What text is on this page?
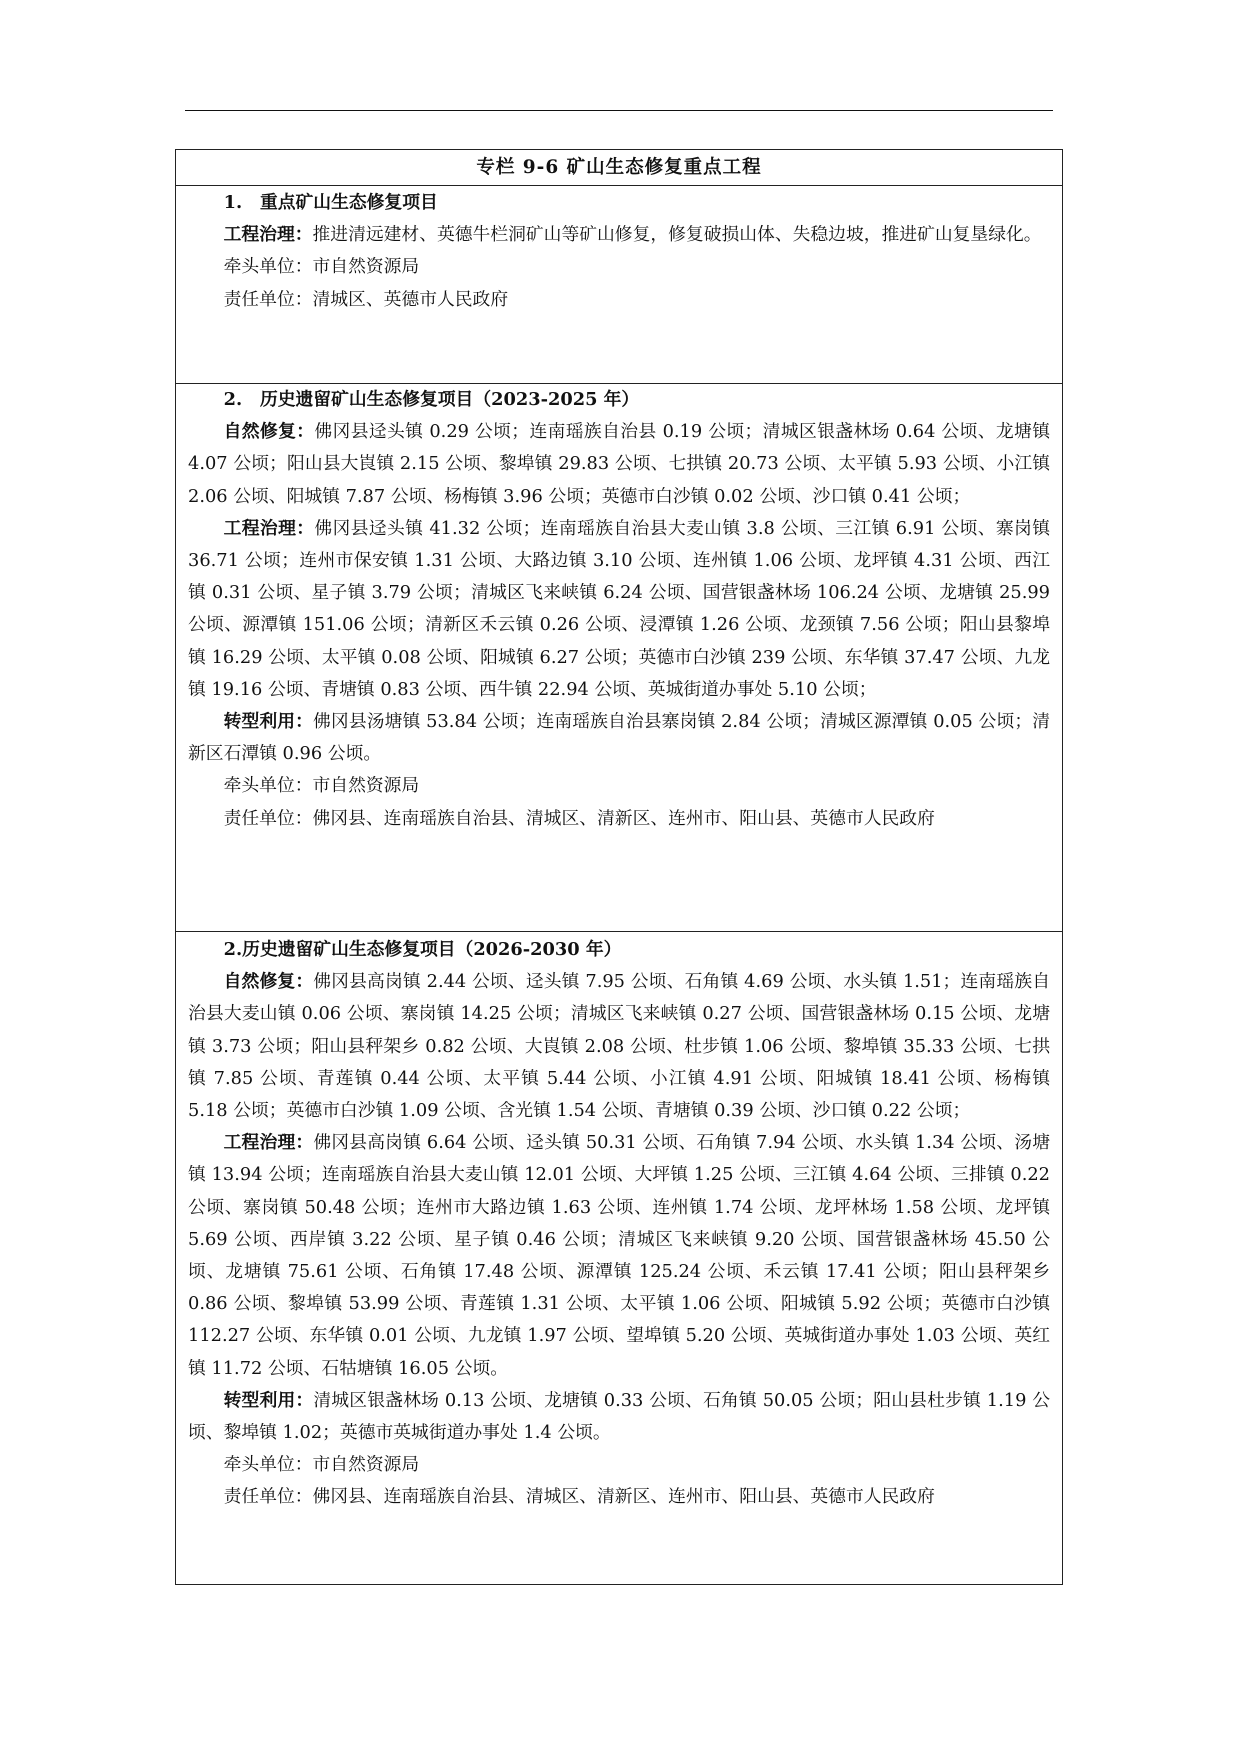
专栏 9-6 矿山生态修复重点工程

1.　重点矿山生态修复项目

工程治理：推进清远建材、英德牛栏洞矿山等矿山修复，修复破损山体、失稳边坡，推进矿山复垦绿化。

牵头单位：市自然资源局

责任单位：清城区、英德市人民政府

2.　历史遗留矿山生态修复项目（2023-2025 年）

自然修复：佛冈县迳头镇 0.29 公顷；连南瑶族自治县 0.19 公顷；清城区银盏林场 0.64 公顷、龙塘镇 4.07 公顷；阳山县大崀镇 2.15 公顷、黎埠镇 29.83 公顷、七拱镇 20.73 公顷、太平镇 5.93 公顷、小江镇 2.06 公顷、阳城镇 7.87 公顷、杨梅镇 3.96 公顷；英德市白沙镇 0.02 公顷、沙口镇 0.41 公顷；

工程治理：佛冈县迳头镇 41.32 公顷；连南瑶族自治县大麦山镇 3.8 公顷、三江镇 6.91 公顷、寨岗镇 36.71 公顷；连州市保安镇 1.31 公顷、大路边镇 3.10 公顷、连州镇 1.06 公顷、龙坪镇 4.31 公顷、西江镇 0.31 公顷、星子镇 3.79 公顷；清城区飞来峡镇 6.24 公顷、国营银盏林场 106.24 公顷、龙塘镇 25.99 公顷、源潭镇 151.06 公顷；清新区禾云镇 0.26 公顷、浸潭镇 1.26 公顷、龙颈镇 7.56 公顷；阳山县黎埠镇 16.29 公顷、太平镇 0.08 公顷、阳城镇 6.27 公顷；英德市白沙镇 239 公顷、东华镇 37.47 公顷、九龙镇 19.16 公顷、青塘镇 0.83 公顷、西牛镇 22.94 公顷、英城街道办事处 5.10 公顷；

转型利用：佛冈县汤塘镇 53.84 公顷；连南瑶族自治县寨岗镇 2.84 公顷；清城区源潭镇 0.05 公顷；清新区石潭镇 0.96 公顷。

牵头单位：市自然资源局

责任单位：佛冈县、连南瑶族自治县、清城区、清新区、连州市、阳山县、英德市人民政府

2.历史遗留矿山生态修复项目（2026-2030 年）

自然修复：佛冈县高岗镇 2.44 公顷、迳头镇 7.95 公顷、石角镇 4.69 公顷、水头镇 1.51；连南瑶族自治县大麦山镇 0.06 公顷、寨岗镇 14.25 公顷；清城区飞来峡镇 0.27 公顷、国营银盏林场 0.15 公顷、龙塘镇 3.73 公顷；阳山县秤架乡 0.82 公顷、大崀镇 2.08 公顷、杜步镇 1.06 公顷、黎埠镇 35.33 公顷、七拱镇 7.85 公顷、青莲镇 0.44 公顷、太平镇 5.44 公顷、小江镇 4.91 公顷、阳城镇 18.41 公顷、杨梅镇 5.18 公顷；英德市白沙镇 1.09 公顷、含光镇 1.54 公顷、青塘镇 0.39 公顷、沙口镇 0.22 公顷；

工程治理：佛冈县高岗镇 6.64 公顷、迳头镇 50.31 公顷、石角镇 7.94 公顷、水头镇 1.34 公顷、汤塘镇 13.94 公顷；连南瑶族自治县大麦山镇 12.01 公顷、大坪镇 1.25 公顷、三江镇 4.64 公顷、三排镇 0.22 公顷、寨岗镇 50.48 公顷；连州市大路边镇 1.63 公顷、连州镇 1.74 公顷、龙坪林场 1.58 公顷、龙坪镇 5.69 公顷、西岸镇 3.22 公顷、星子镇 0.46 公顷；清城区飞来峡镇 9.20 公顷、国营银盏林场 45.50 公顷、龙塘镇 75.61 公顷、石角镇 17.48 公顷、源潭镇 125.24 公顷、禾云镇 17.41 公顷；阳山县秤架乡 0.86 公顷、黎埠镇 53.99 公顷、青莲镇 1.31 公顷、太平镇 1.06 公顷、阳城镇 5.92 公顷；英德市白沙镇 112.27 公顷、东华镇 0.01 公顷、九龙镇 1.97 公顷、望埠镇 5.20 公顷、英城街道办事处 1.03 公顷、英红镇 11.72 公顷、石牯塘镇 16.05 公顷。

转型利用：清城区银盏林场 0.13 公顷、龙塘镇 0.33 公顷、石角镇 50.05 公顷；阳山县杜步镇 1.19 公顷、黎埠镇 1.02；英德市英城街道办事处 1.4 公顷。

牵头单位：市自然资源局

责任单位：佛冈县、连南瑶族自治县、清城区、清新区、连州市、阳山县、英德市人民政府
